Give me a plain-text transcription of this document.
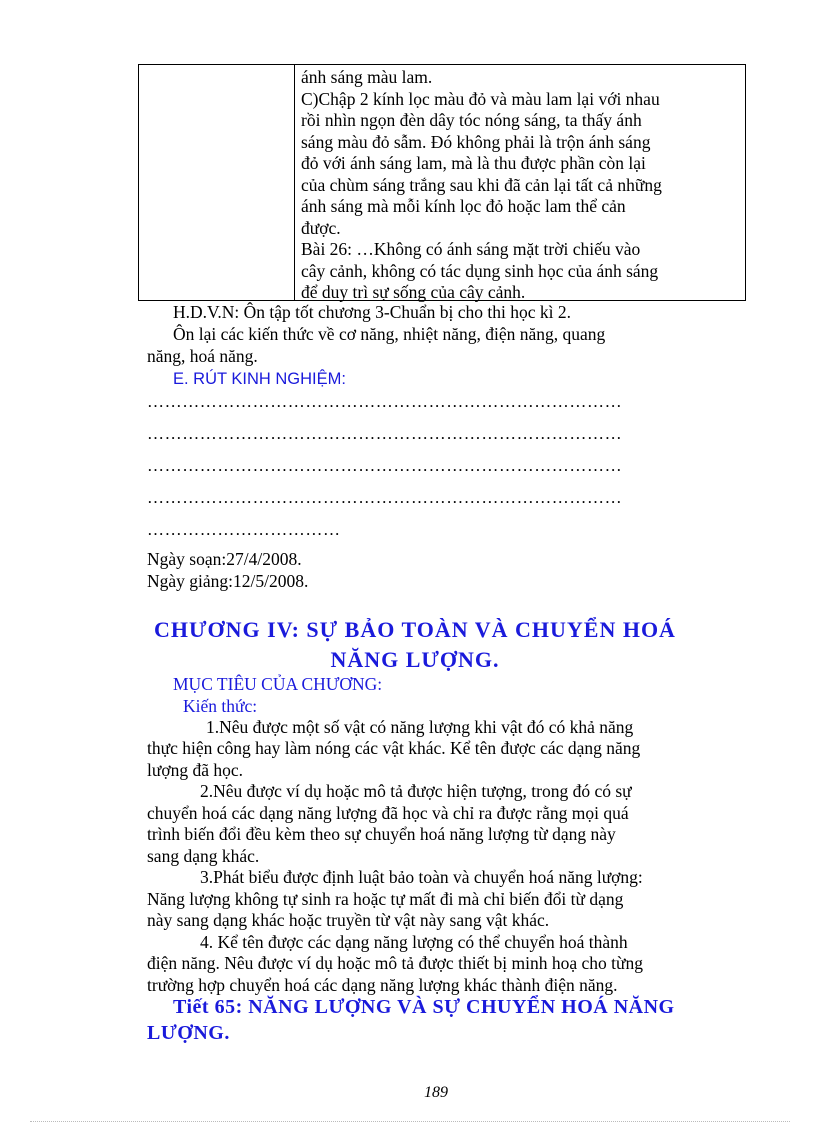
ánh sáng màu lam.
C)Chập 2 kính lọc màu đỏ và màu lam lại với nhau
rồi nhìn ngọn đèn dây tóc nóng sáng, ta thấy ánh
sáng màu đỏ sẫm. Đó không phải là trộn ánh sáng
đỏ với ánh sáng lam, mà là thu được phần còn lại
của chùm sáng trắng sau khi đã cản lại tất cả những
ánh sáng mà mỗi kính lọc đỏ hoặc lam thể cản
được.
Bài 26: …Không có ánh sáng mặt trời chiếu vào
cây cảnh, không có tác dụng sinh học của ánh sáng
để duy trì sự sống của cây cảnh.
H.D.V.N: Ôn tập tốt chương 3-Chuẩn bị cho thi học kì 2.
Ôn lại các kiến thức về cơ năng, nhiệt năng, điện năng, quang
năng, hoá năng.
E. RÚT KINH NGHIỆM:
………………………………………………………………………
………………………………………………………………………
………………………………………………………………………
………………………………………………………………………
……………………………
Ngày soạn:27/4/2008.
Ngày giảng:12/5/2008.
CHƯƠNG IV: SỰ BẢO TOÀN VÀ CHUYỂN HOÁ
NĂNG LƯỢNG.
MỤC TIÊU CỦA CHƯƠNG:
Kiến thức:
1.Nêu được một số vật có năng lượng khi vật đó có khả năng
thực hiện công hay làm nóng các vật khác. Kể tên được các dạng năng
lượng đã học.
2.Nêu được ví dụ hoặc mô tả được hiện tượng, trong đó có sự
chuyển hoá các dạng năng lượng đã học và chỉ ra được rằng mọi quá
trình biến đổi đều kèm theo sự chuyển hoá năng lượng từ dạng này
sang dạng khác.
3.Phát biểu được định luật bảo toàn và chuyển hoá năng lượng:
Năng lượng không tự sinh ra hoặc tự mất đi mà chỉ biến đổi từ dạng
này sang dạng khác hoặc truyền từ vật này sang vật khác.
4. Kể tên được các dạng năng lượng có thể chuyển hoá thành
điện năng. Nêu được ví dụ hoặc mô tả được thiết bị minh hoạ cho từng
trường hợp chuyển hoá các dạng năng lượng khác thành điện năng.
Tiết 65: NĂNG LƯỢNG VÀ SỰ CHUYỂN HOÁ NĂNG
LƯỢNG.
189
